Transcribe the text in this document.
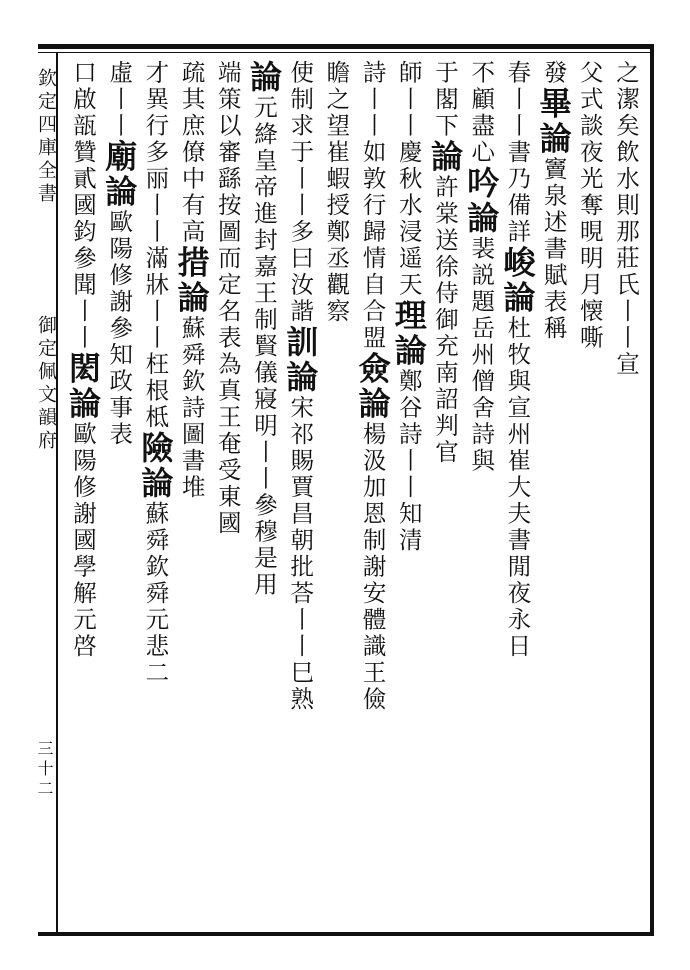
欽定四庫全書
御定佩文韻府
三十二
之潔矣飲水則那莊氏丨丨宣
父式談夜光奪晛明月懐嘶
發畢論竇泉述書賦表稱
春丨丨書乃備詳峻論杜牧與宣州崔大夫書閒夜永日
不顧盡心吟論裴説題岳州僧舍詩與
于閣下論許棠送徐侍御充南詔判官
師丨丨慶秋水浸遥天理論鄭谷詩丨丨知清
詩丨丨如敦行歸情自合盟僉論楊汲加恩制謝安體識王儉
瞻之望崔蝦授鄭丞觀察
使制求于丨丨多曰汝諧訓論宋祁賜賈昌朝批荅丨丨巳熟
論元絳皇帝進封嘉王制賢儀寢明丨丨參穆是用
端策以審繇按圖而定名表為真王奄受東國
疏其庶僚中有高措論蘇舜欽詩圖書堆
才異行多丽丨丨滿牀丨丨枉根柢險論蘇舜欽舜元悲二
虛丨丨廟論歐陽修謝參知政事表
口啟瓿贊貳國鈞參聞丨丨閎論歐陽修謝國學解元啓
